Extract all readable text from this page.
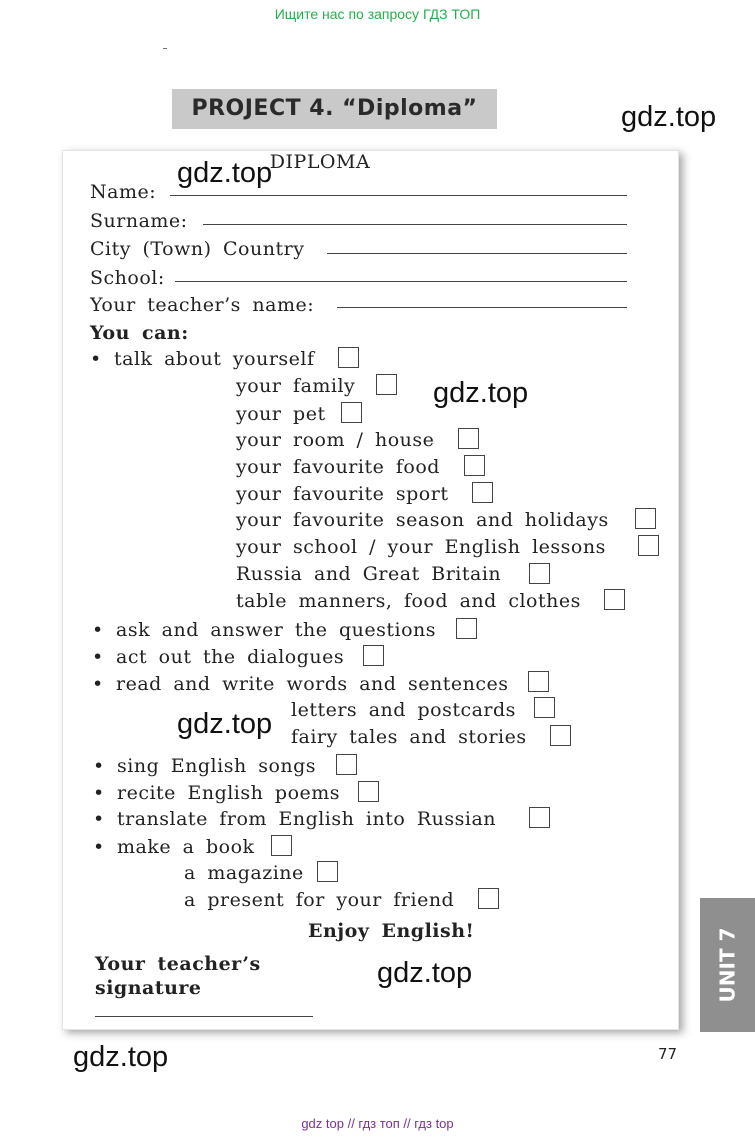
Ищите нас по запросу ГДЗ ТОП
PROJECT 4. “Diploma”
DIPLOMA
Name:
Surname:
City (Town) Country
School:
Your teacher’s name:
You can:
• talk about yourself
your family
your pet
your room / house
your favourite food
your favourite sport
your favourite season and holidays
your school / your English lessons
Russia and Great Britain
table manners, food and clothes
• ask and answer the questions
• act out the dialogues
• read and write words and sentences
letters and postcards
fairy tales and stories
• sing English songs
• recite English poems
• translate from English into Russian
• make a book
a magazine
a present for your friend
Enjoy English!
Your teacher’s
signature
gdz.top
gdz.top
gdz.top
gdz.top
gdz.top
gdz.top
UNIT 7
77
gdz top // гдз топ // гдз top
